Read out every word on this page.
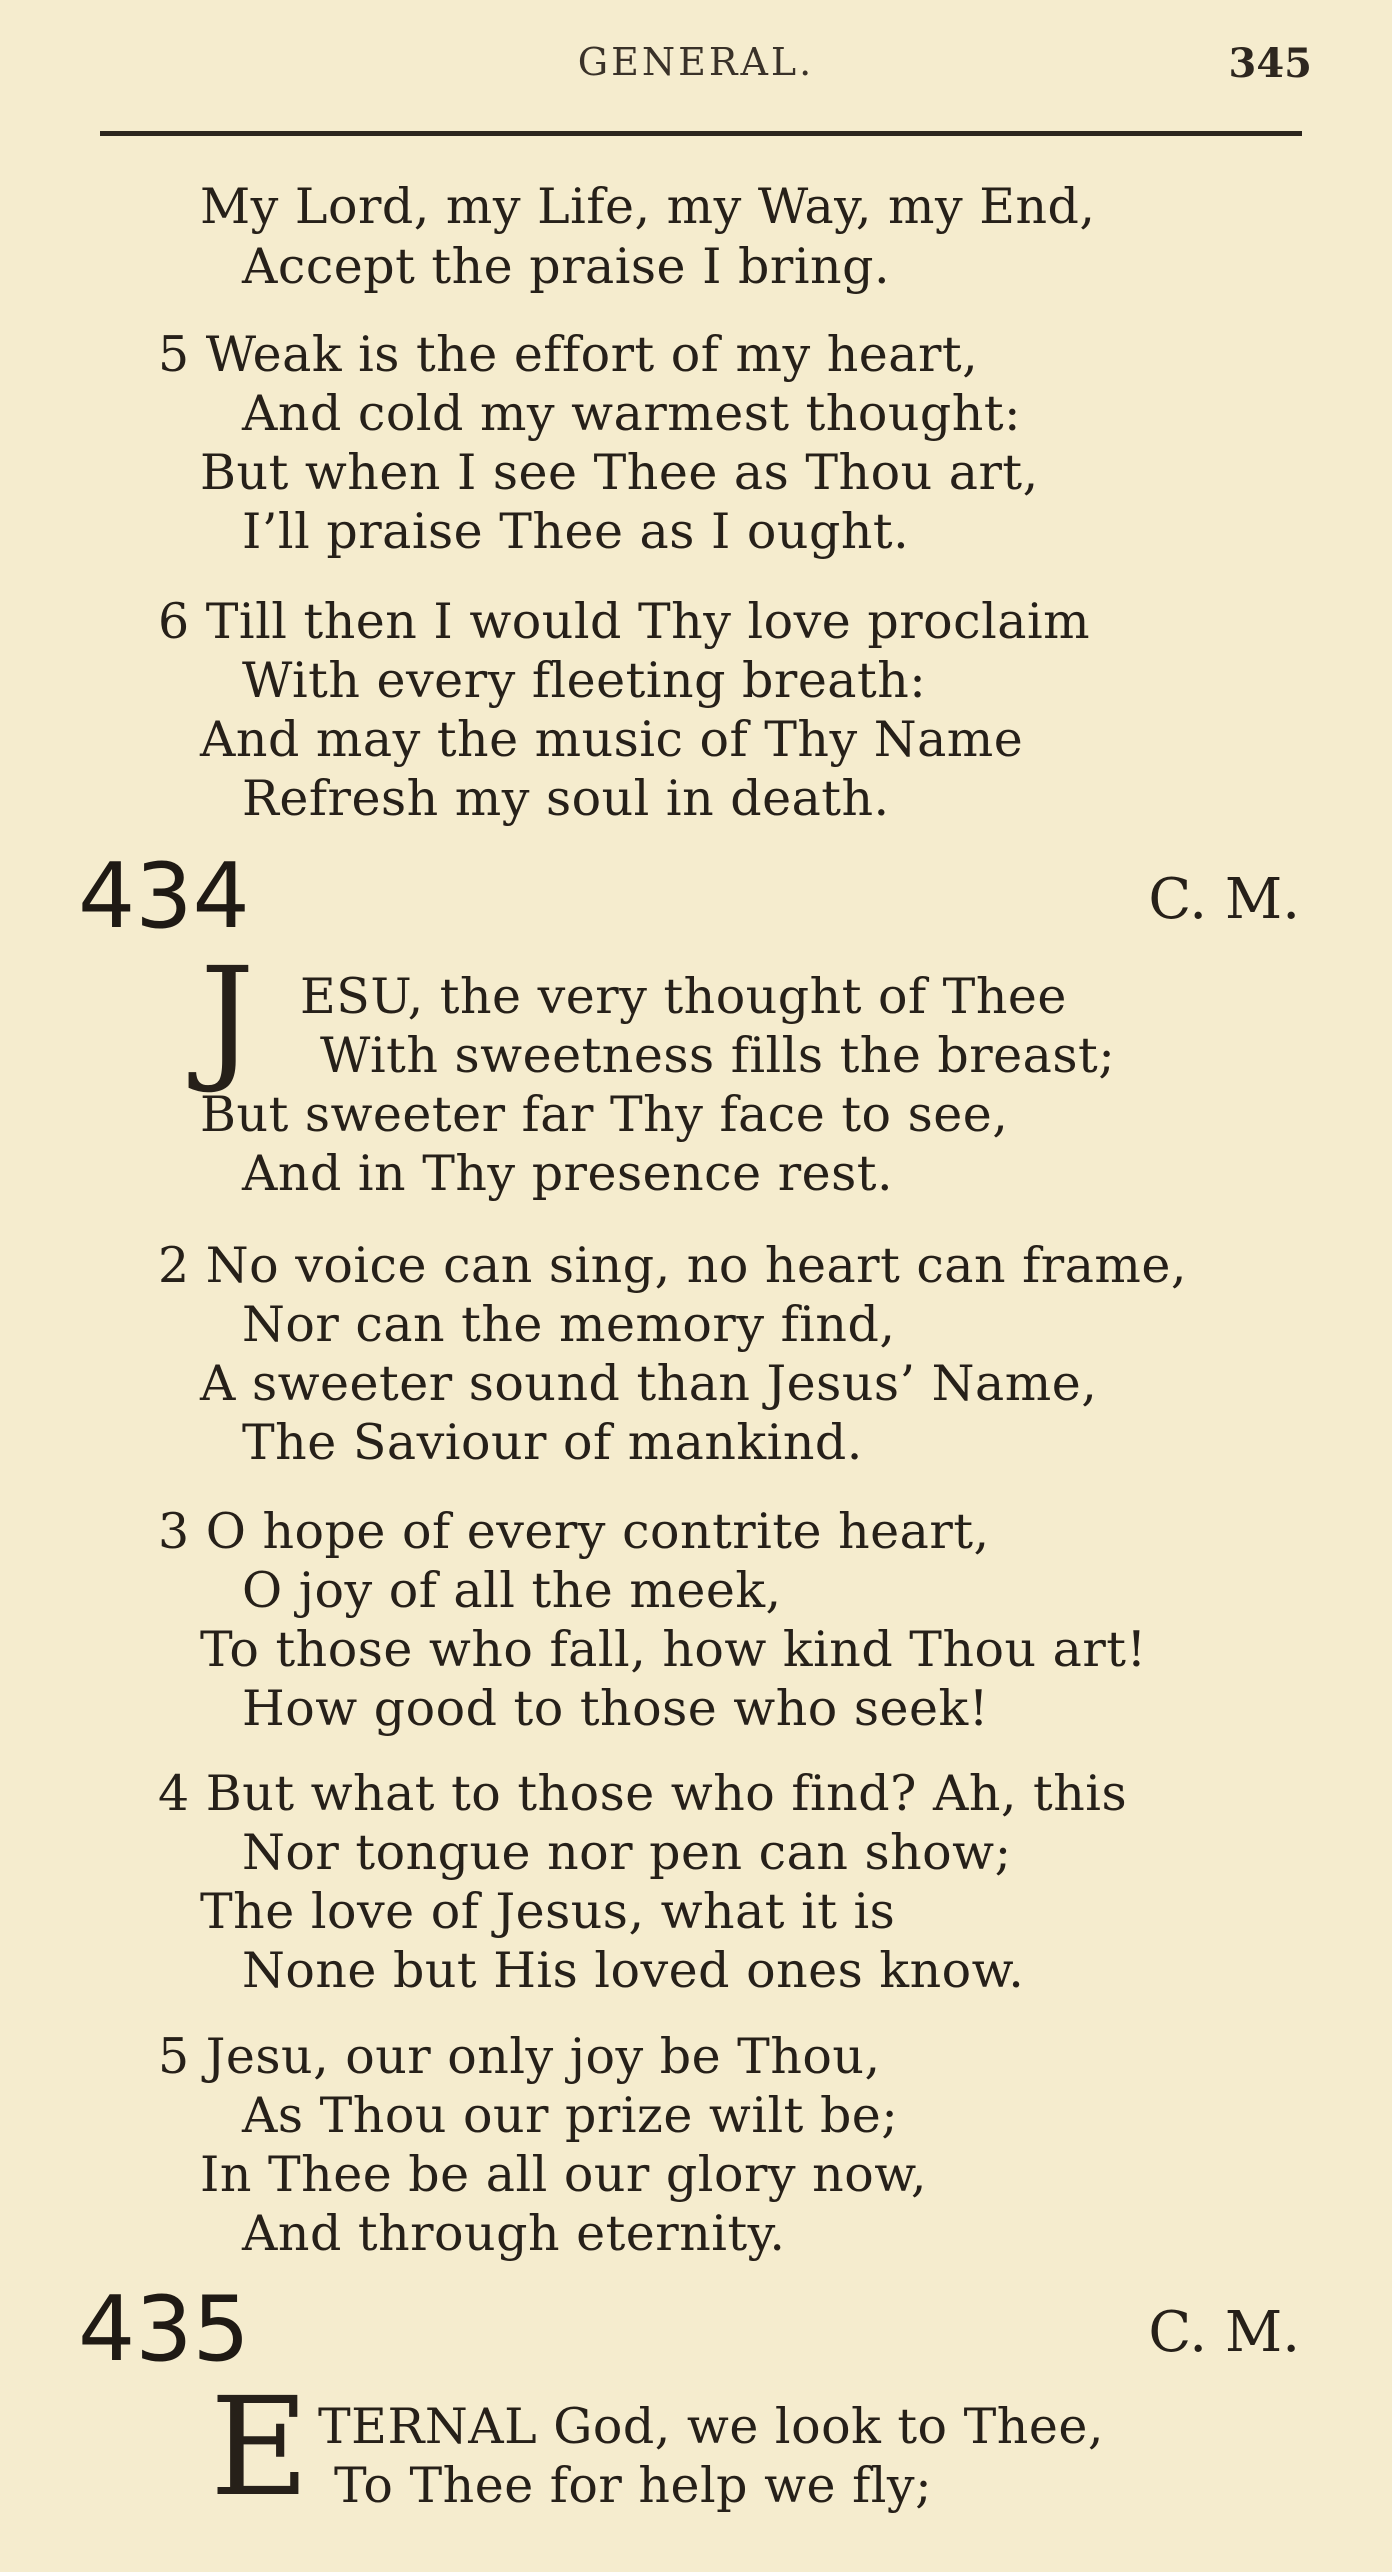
GENERAL.	345
My Lord, my Life, my Way, my End,
Accept the praise I bring.
5 Weak is the effort of my heart,
And cold my warmest thought:
But when I see Thee as Thou art,
I’ll praise Thee as I ought.
6 Till then I would Thy love proclaim
With every fleeting breath:
And may the music of Thy Name
Refresh my soul in death.
434	C. M.
J ESU, the very thought of Thee
With sweetness fills the breast;
But sweeter far Thy face to see,
And in Thy presence rest.
2 No voice can sing, no heart can frame,
Nor can the memory find,
A sweeter sound than Jesus’ Name,
The Saviour of mankind.
3 O hope of every contrite heart,
O joy of all the meek,
To those who fall, how kind Thou art!
How good to those who seek!
4 But what to those who find? Ah, this
Nor tongue nor pen can show;
The love of Jesus, what it is
None but His loved ones know.
5 Jesu, our only joy be Thou,
As Thou our prize wilt be;
In Thee be all our glory now,
And through eternity.
435	C. M.
E TERNAL God, we look to Thee,
To Thee for help we fly;
